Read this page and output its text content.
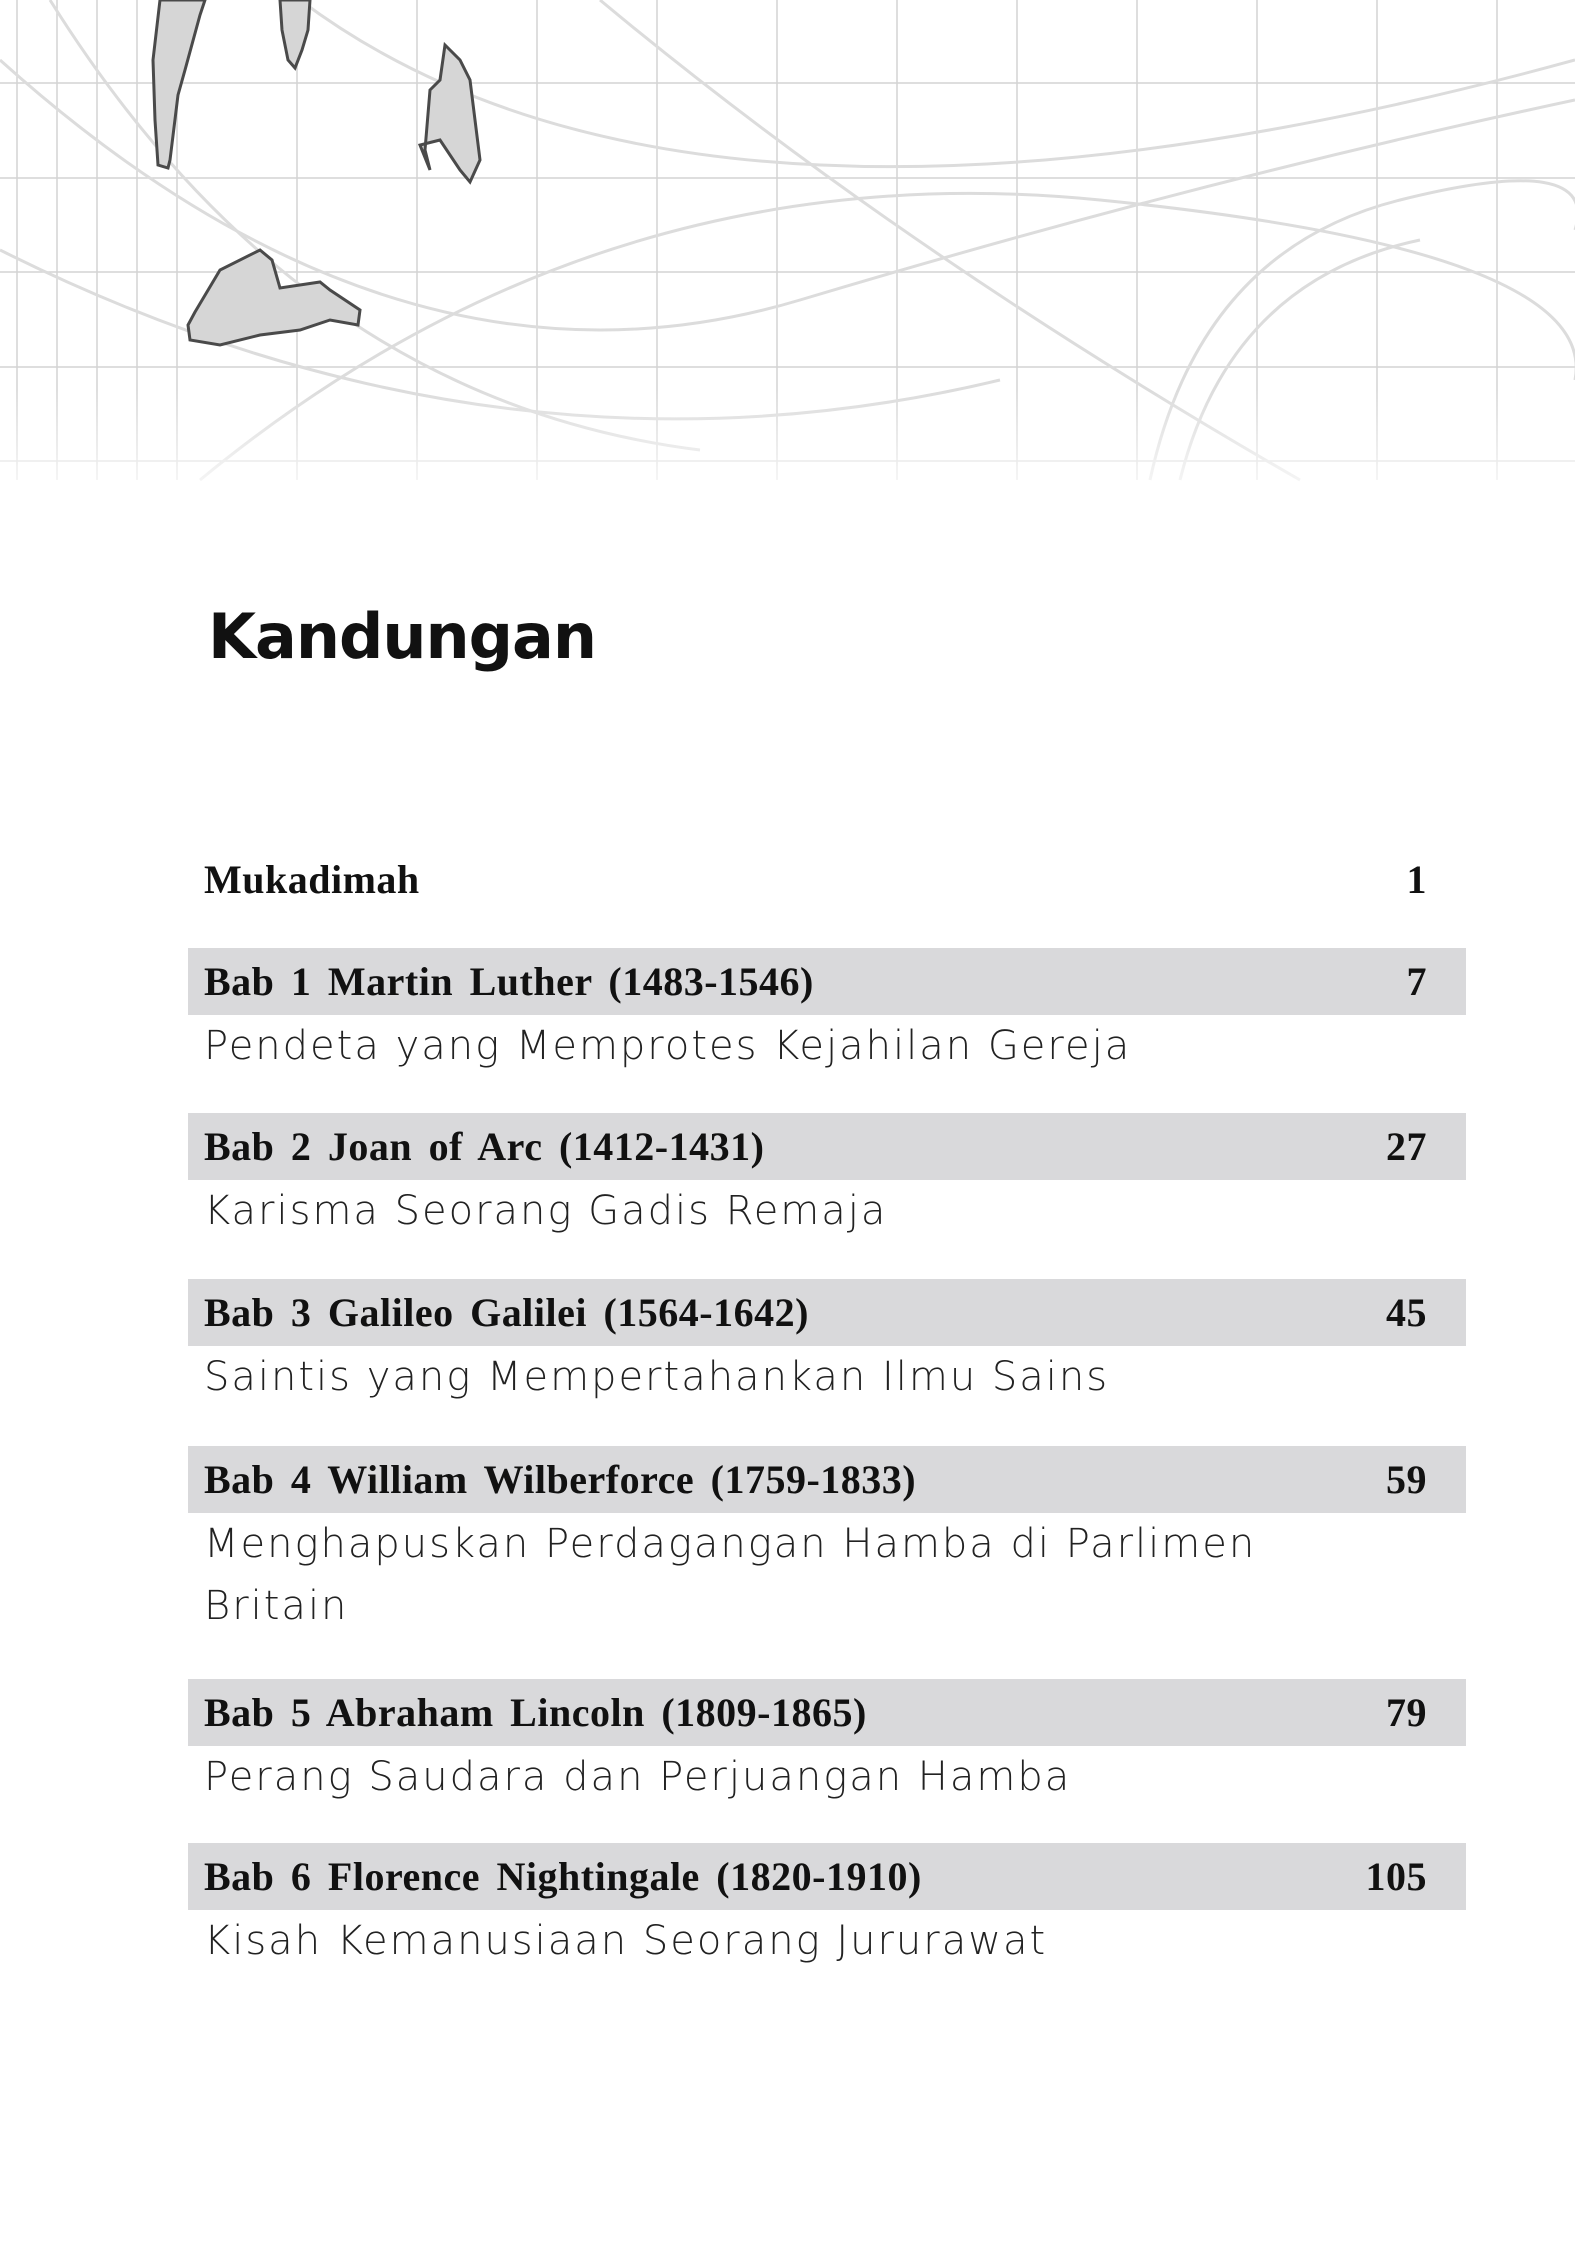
Kandungan
Mukadimah	1
Bab 1 Martin Luther (1483-1546)	7
Pendeta yang Memprotes Kejahilan Gereja
Bab 2 Joan of Arc (1412-1431)	27
Karisma Seorang Gadis Remaja
Bab 3 Galileo Galilei (1564-1642)	45
Saintis yang Mempertahankan Ilmu Sains
Bab 4 William Wilberforce (1759-1833)	59
Menghapuskan Perdagangan Hamba di Parlimen Britain
Bab 5 Abraham Lincoln (1809-1865)	79
Perang Saudara dan Perjuangan Hamba
Bab 6 Florence Nightingale (1820-1910)	105
Kisah Kemanusiaan Seorang Jururawat
